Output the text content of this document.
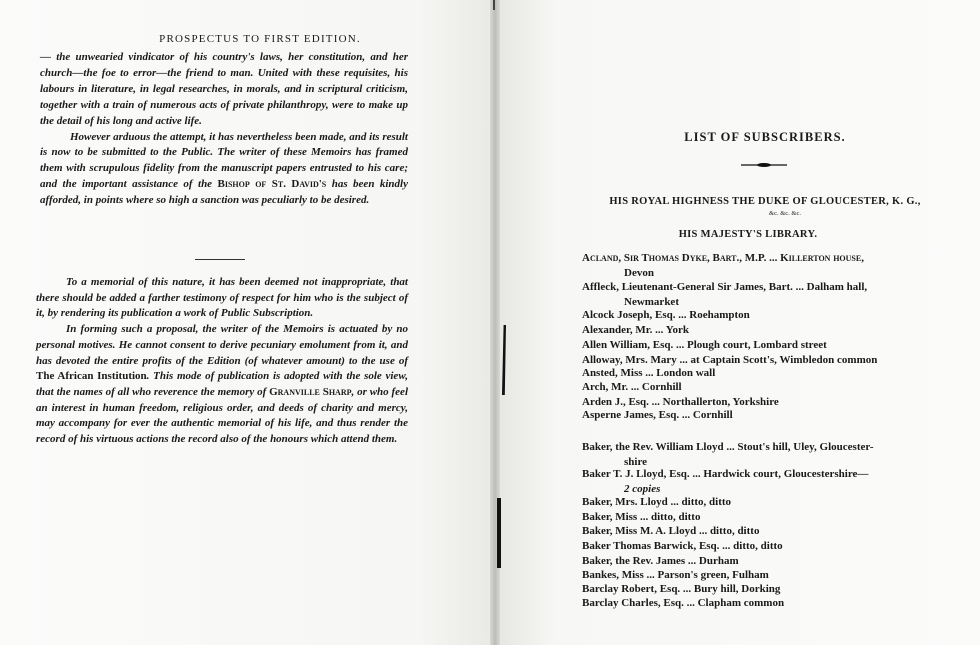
PROSPECTUS TO FIRST EDITION.

— the unwearied vindicator of his country's laws, her constitution, and her church—the foe to error—the friend to man. United with these requisites, his labours in literature, in legal researches, in morals, and in scriptural criticism, together with a train of numerous acts of private philanthropy, were to make up the detail of his long and active life.

However arduous the attempt, it has nevertheless been made, and its result is now to be submitted to the Public. The writer of these Memoirs has framed them with scrupulous fidelity from the manuscript papers entrusted to his care; and the important assistance of the Bishop of St. David's has been kindly afforded, in points where so high a sanction was peculiarly to be desired.

To a memorial of this nature, it has been deemed not inappropriate, that there should be added a farther testimony of respect for him who is the subject of it, by rendering its publication a work of Public Subscription.

In forming such a proposal, the writer of the Memoirs is actuated by no personal motives. He cannot consent to derive pecuniary emolument from it, and has devoted the entire profits of the Edition (of whatever amount) to the use of The African Institution. This mode of publication is adopted with the sole view, that the names of all who reverence the memory of Granville Sharp, or who feel an interest in human freedom, religious order, and deeds of charity and mercy, may accompany for ever the authentic memorial of his life, and thus render the record of his virtuous actions the record also of the honours which attend them.

LIST OF SUBSCRIBERS.
HIS ROYAL HIGHNESS THE DUKE OF GLOUCESTER, K. G.,
&c. &c. &c.
HIS MAJESTY'S LIBRARY.
Acland, Sir Thomas Dyke, Bart., M.P. ... Killerton house,
Devon
Affleck, Lieutenant-General Sir James, Bart. ... Dalham hall,
Newmarket
Alcock Joseph, Esq. ... Roehampton
Alexander, Mr. ... York
Allen William, Esq. ... Plough court, Lombard street
Alloway, Mrs. Mary ... at Captain Scott's, Wimbledon common
Ansted, Miss ... London wall
Arch, Mr. ... Cornhill
Arden J., Esq. ... Northallerton, Yorkshire
Asperne James, Esq. ... Cornhill
Baker, the Rev. William Lloyd ... Stout's hill, Uley, Gloucester-
shire
Baker T. J. Lloyd, Esq. ... Hardwick court, Gloucestershire—
2 copies
Baker, Mrs. Lloyd ... ditto, ditto
Baker, Miss ... ditto, ditto
Baker, Miss M. A. Lloyd ... ditto, ditto
Baker Thomas Barwick, Esq. ... ditto, ditto
Baker, the Rev. James ... Durham
Bankes, Miss ... Parson's green, Fulham
Barclay Robert, Esq. ... Bury hill, Dorking
Barclay Charles, Esq. ... Clapham common
